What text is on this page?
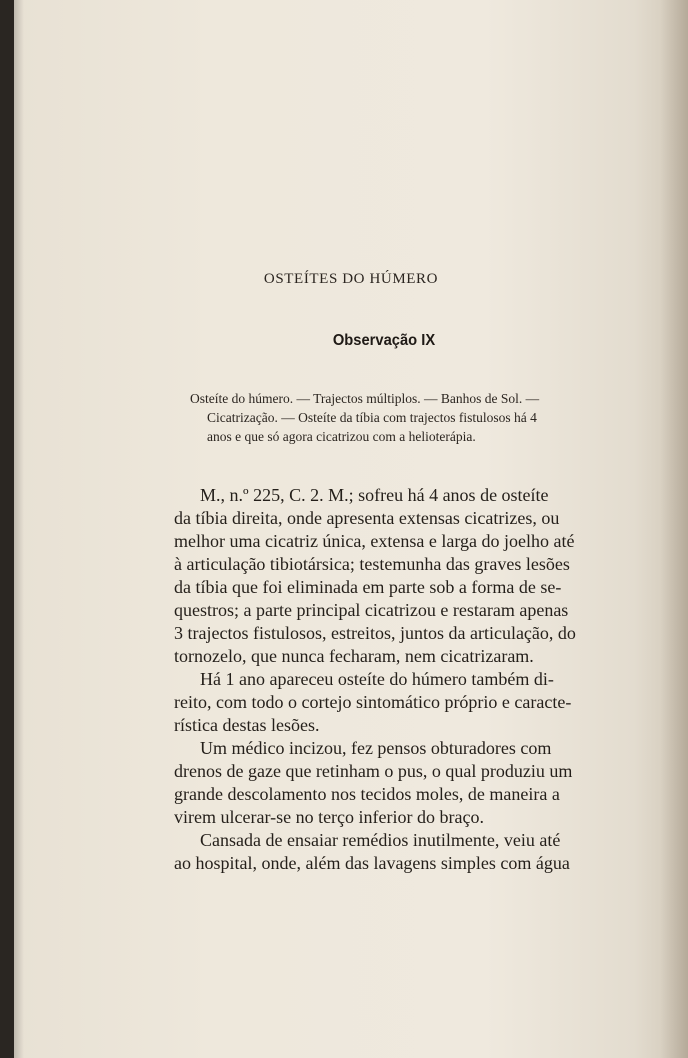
OSTEÍTES DO HÚMERO
Observação IX
Osteíte do húmero. — Trajectos múltiplos. — Banhos de Sol. —
Cicatrização. — Osteíte da tíbia com trajectos fistulosos há 4
anos e que só agora cicatrizou com a helioterápia.
M., n.º 225, C. 2. M.; sofreu há 4 anos de osteíte
da tíbia direita, onde apresenta extensas cicatrizes, ou
melhor uma cicatriz única, extensa e larga do joelho até
à articulação tibiotársica; testemunha das graves lesões
da tíbia que foi eliminada em parte sob a forma de se-
questros; a parte principal cicatrizou e restaram apenas
3 trajectos fistulosos, estreitos, juntos da articulação, do
tornozelo, que nunca fecharam, nem cicatrizaram.
Há 1 ano apareceu osteíte do húmero também di-
reito, com todo o cortejo sintomático próprio e caracte-
rística destas lesões.
Um médico incizou, fez pensos obturadores com
drenos de gaze que retinham o pus, o qual produziu um
grande descolamento nos tecidos moles, de maneira a
virem ulcerar-se no terço inferior do braço.
Cansada de ensaiar remédios inutilmente, veiu até
ao hospital, onde, além das lavagens simples com água
